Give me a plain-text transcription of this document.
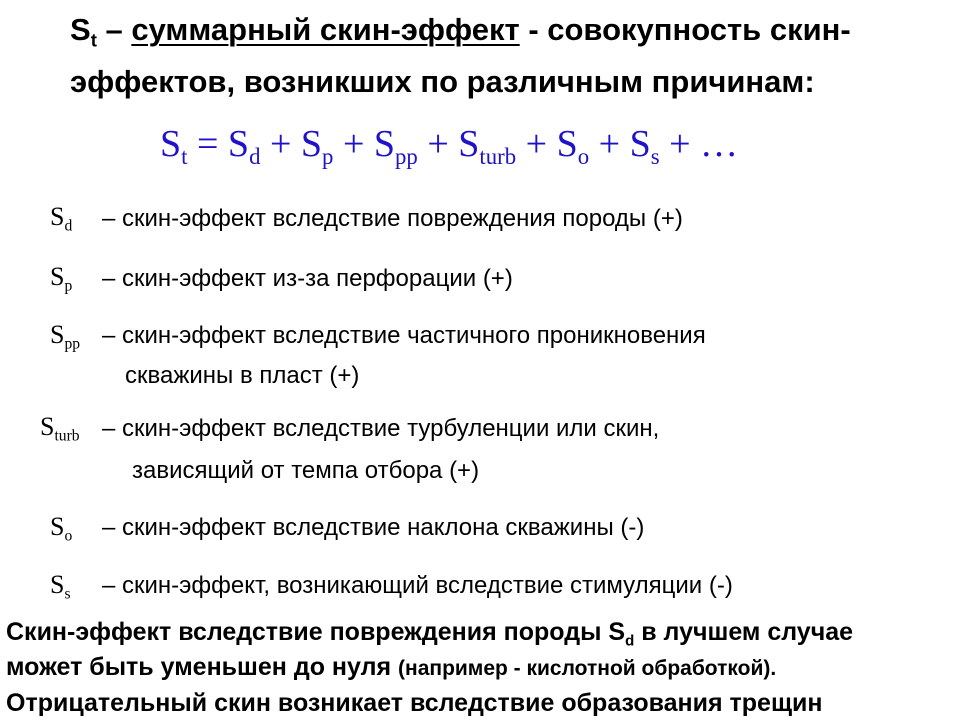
$S_t$ – суммарный скин-эффект - совокупность скин-
эффектов, возникших по различным причинам:
$S_t = S_d + S_p + S_{pp} + S_{turb} + S_o + S_s$ + …
$S_d$ – скин-эффект вследствие повреждения породы (+)
$S_p$ – скин-эффект из-за перфорации (+)
$S_{pp}$ – скин-эффект вследствие частичного проникновения
скважины в пласт (+)
$S_{turb}$ – скин-эффект вследствие турбуленции или скин,
зависящий от темпа отбора (+)
$S_o$ – скин-эффект вследствие наклона скважины (-)
$S_s$ – скин-эффект, возникающий вследствие стимуляции (-)
Скин-эффект вследствие повреждения породы $S_d$ в лучшем случае
может быть уменьшен до нуля (например - кислотной обработкой).
Отрицательный скин возникает вследствие образования трещин
